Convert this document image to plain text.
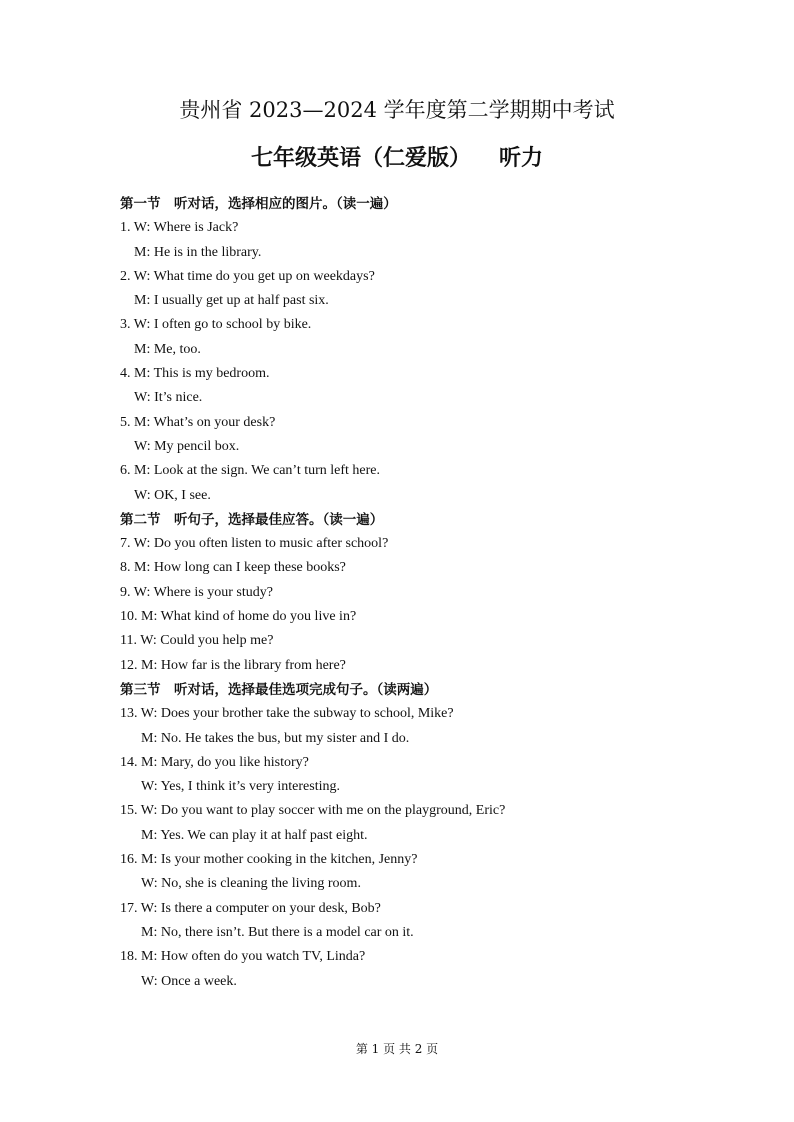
贵州省 2023—2024 学年度第二学期期中考试
七年级英语（仁爱版） 听力
第一节　听对话，选择相应的图片。（读一遍）
1. W: Where is Jack?
M: He is in the library.
2. W: What time do you get up on weekdays?
M: I usually get up at half past six.
3. W: I often go to school by bike.
M: Me, too.
4. M: This is my bedroom.
W: It’s nice.
5. M: What’s on your desk?
W: My pencil box.
6. M: Look at the sign. We can’t turn left here.
W: OK, I see.
第二节　听句子，选择最佳应答。（读一遍）
7. W: Do you often listen to music after school?
8. M: How long can I keep these books?
9. W: Where is your study?
10. M: What kind of home do you live in?
11. W: Could you help me?
12. M: How far is the library from here?
第三节　听对话，选择最佳选项完成句子。（读两遍）
13. W: Does your brother take the subway to school, Mike?
M: No. He takes the bus, but my sister and I do.
14. M: Mary, do you like history?
W: Yes, I think it’s very interesting.
15. W: Do you want to play soccer with me on the playground, Eric?
M: Yes. We can play it at half past eight.
16. M: Is your mother cooking in the kitchen, Jenny?
W: No, she is cleaning the living room.
17. W: Is there a computer on your desk, Bob?
M: No, there isn’t. But there is a model car on it.
18. M: How often do you watch TV, Linda?
W: Once a week.
第 1 页 共 2 页
